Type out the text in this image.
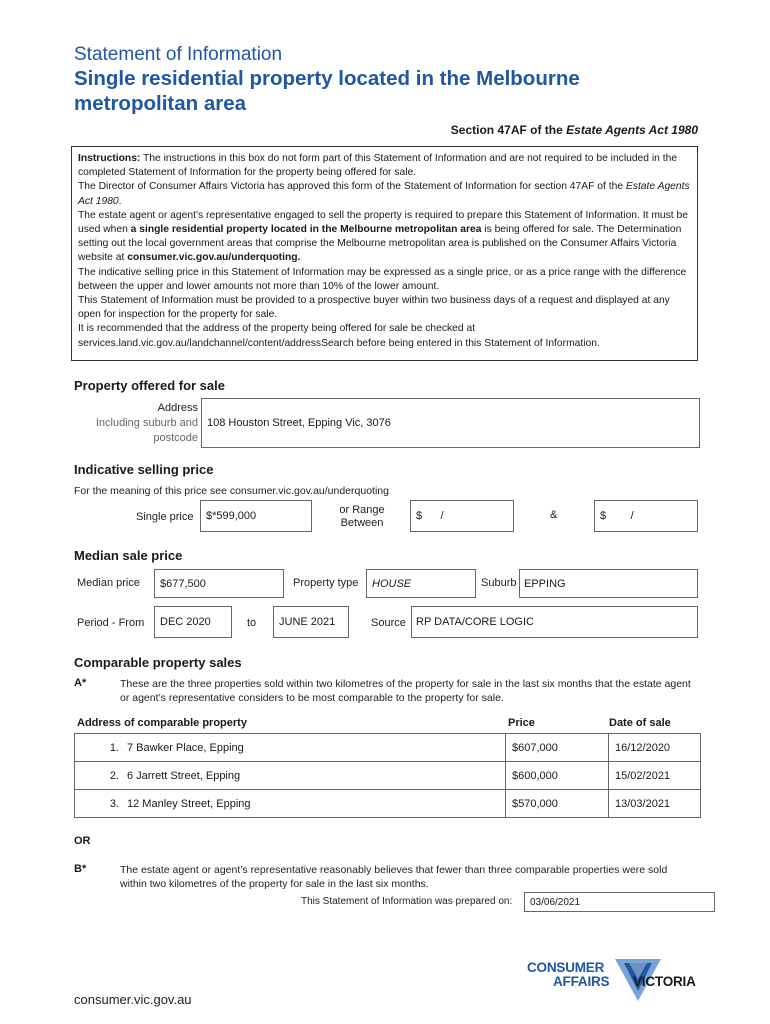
Statement of Information
Single residential property located in the Melbourne
metropolitan area
Section 47AF of the Estate Agents Act 1980

Instructions: The instructions in this box do not form part of this Statement of Information and are not required to be included in the completed Statement of Information for the property being offered for sale.

The Director of Consumer Affairs Victoria has approved this form of the Statement of Information for section 47AF of the Estate Agents Act 1980.

The estate agent or agent’s representative engaged to sell the property is required to prepare this Statement of Information. It must be used when a single residential property located in the Melbourne metropolitan area is being offered for sale. The Determination setting out the local government areas that comprise the Melbourne metropolitan area is published on the Consumer Affairs Victoria website at consumer.vic.gov.au/underquoting.

The indicative selling price in this Statement of Information may be expressed as a single price, or as a price range with the difference between the upper and lower amounts not more than 10% of the lower amount.

This Statement of Information must be provided to a prospective buyer within two business days of a request and displayed at any open for inspection for the property for sale.

It is recommended that the address of the property being offered for sale be checked at services.land.vic.gov.au/landchannel/content/addressSearch before being entered in this Statement of Information.

Property offered for sale
Address
Including suburb and
postcode
108 Houston Street, Epping Vic, 3076
Indicative selling price
For the meaning of this price see consumer.vic.gov.au/underquoting
Single price $*599,000	or Range
Between
$      /	&	$        /
Median sale price
Median price $677,500	Property type HOUSE	Suburb EPPING
Period - From DEC 2020	to JUNE 2021	Source RP DATA/CORE LOGIC
Comparable property sales
A*	These are the three properties sold within two kilometres of the property for sale in the last six months that the estate agent or agent’s representative considers to be most comparable to the property for sale.
Address of comparable property	Price	Date of sale
1. 7 Bawker Place, Epping	$607,000	16/12/2020
2. 6 Jarrett Street, Epping	$600,000	15/02/2021
3. 12 Manley Street, Epping	$570,000	13/03/2021
OR
B*	The estate agent or agent’s representative reasonably believes that fewer than three comparable properties were sold within two kilometres of the property for sale in the last six months.
This Statement of Information was prepared on: 03/06/2021
CONSUMER
AFFAIRS VICTORIA
consumer.vic.gov.au
